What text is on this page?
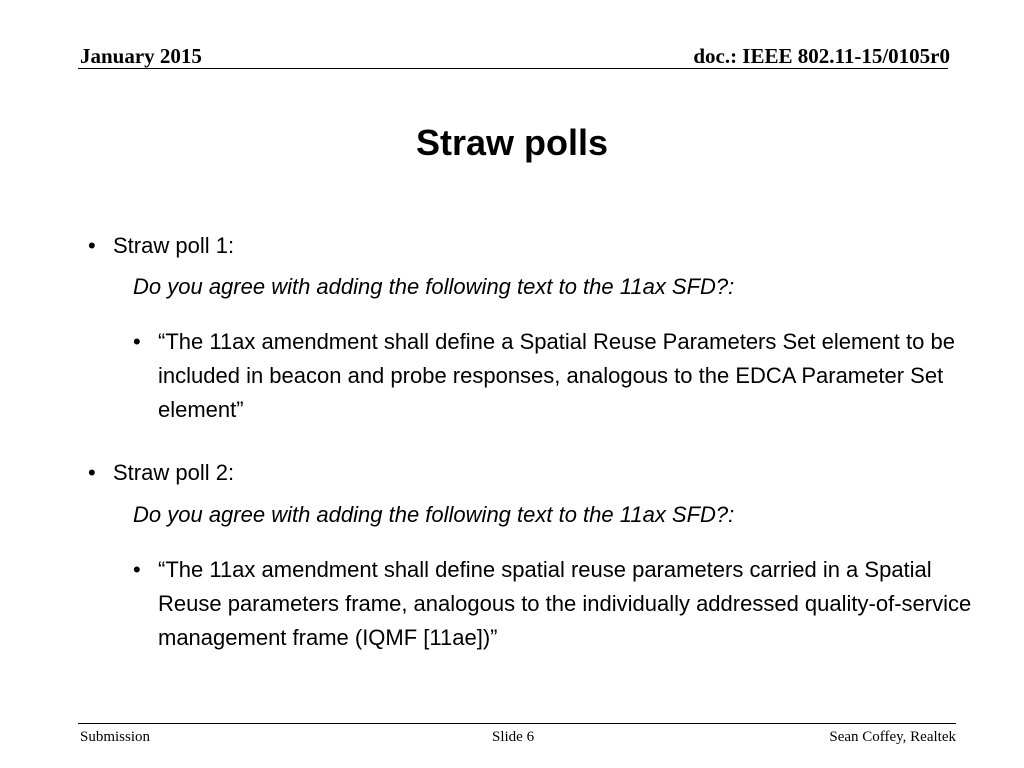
January 2015	doc.: IEEE 802.11-15/0105r0
Straw polls
• Straw poll 1:
Do you agree with adding the following text to the 11ax SFD?:
• “The 11ax amendment shall define a Spatial Reuse Parameters Set element to be included in beacon and probe responses, analogous to the EDCA Parameter Set element”
• Straw poll 2:
Do you agree with adding the following text to the 11ax SFD?:
• “The 11ax amendment shall define spatial reuse parameters carried in a Spatial Reuse parameters frame, analogous to the individually addressed quality-of-service management frame (IQMF [11ae])”
Submission	Slide 6	Sean Coffey, Realtek
